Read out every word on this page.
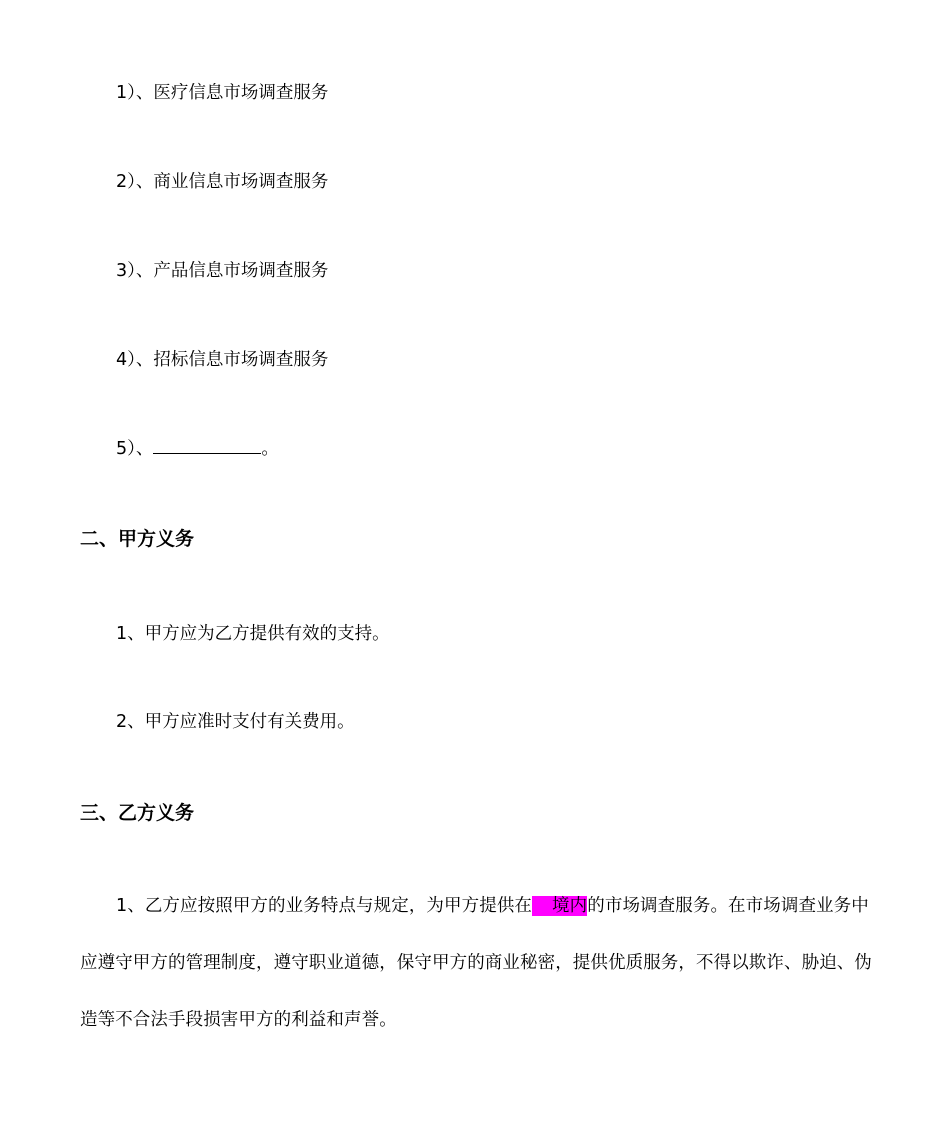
1）、医疗信息市场调查服务
2）、商业信息市场调查服务
3）、产品信息市场调查服务
4）、招标信息市场调查服务
5）、	。
二、甲方义务
1、甲方应为乙方提供有效的支持。
2、甲方应准时支付有关费用。
三、乙方义务
1、乙方应按照甲方的业务特点与规定，为甲方提供在 境内的市场调查服务。在市场调查业务中应遵守甲方的管理制度，遵守职业道德，保守甲方的商业秘密，提供优质服务，不得以欺诈、胁迫、伪造等不合法手段损害甲方的利益和声誉。
